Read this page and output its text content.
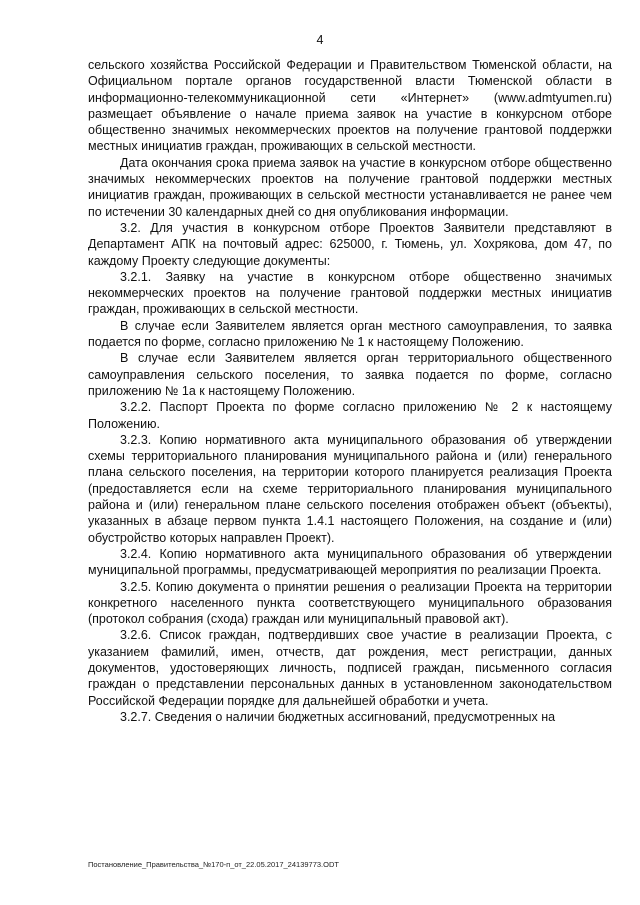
4

сельского хозяйства Российской Федерации и Правительством Тюменской области, на Официальном портале органов государственной власти Тюменской области в информационно-телекоммуникационной сети «Интернет» (www.admtyumen.ru) размещает объявление о начале приема заявок на участие в конкурсном отборе общественно значимых некоммерческих проектов на получение грантовой поддержки местных инициатив граждан, проживающих в сельской местности.

Дата окончания срока приема заявок на участие в конкурсном отборе общественно значимых некоммерческих проектов на получение грантовой поддержки местных инициатив граждан, проживающих в сельской местности устанавливается не ранее чем по истечении 30 календарных дней со дня опубликования информации.

3.2. Для участия в конкурсном отборе Проектов Заявители представляют в Департамент АПК на почтовый адрес: 625000, г. Тюмень, ул. Хохрякова, дом 47, по каждому Проекту следующие документы:

3.2.1. Заявку на участие в конкурсном отборе общественно значимых некоммерческих проектов на получение грантовой поддержки местных инициатив граждан, проживающих в сельской местности.

В случае если Заявителем является орган местного самоуправления, то заявка подается по форме, согласно приложению № 1 к настоящему Положению.

В случае если Заявителем является орган территориального общественного самоуправления сельского поселения, то заявка подается по форме, согласно приложению № 1а к настоящему Положению.

3.2.2. Паспорт Проекта по форме согласно приложению № 2 к настоящему Положению.

3.2.3. Копию нормативного акта муниципального образования об утверждении схемы территориального планирования муниципального района и (или) генерального плана сельского поселения, на территории которого планируется реализация Проекта (предоставляется если на схеме территориального планирования муниципального района и (или) генеральном плане сельского поселения отображен объект (объекты), указанных в абзаце первом пункта 1.4.1 настоящего Положения, на создание и (или) обустройство которых направлен Проект).

3.2.4. Копию нормативного акта муниципального образования об утверждении муниципальной программы, предусматривающей мероприятия по реализации Проекта.

3.2.5. Копию документа о принятии решения о реализации Проекта на территории конкретного населенного пункта соответствующего муниципального образования (протокол собрания (схода) граждан или муниципальный правовой акт).

3.2.6. Список граждан, подтвердивших свое участие в реализации Проекта, с указанием фамилий, имен, отчеств, дат рождения, мест регистрации, данных документов, удостоверяющих личность, подписей граждан, письменного согласия граждан о представлении персональных данных в установленном законодательством Российской Федерации порядке для дальнейшей обработки и учета.

3.2.7. Сведения о наличии бюджетных ассигнований, предусмотренных на

Постановление_Правительства_№170-п_от_22.05.2017_24139773.ODT
